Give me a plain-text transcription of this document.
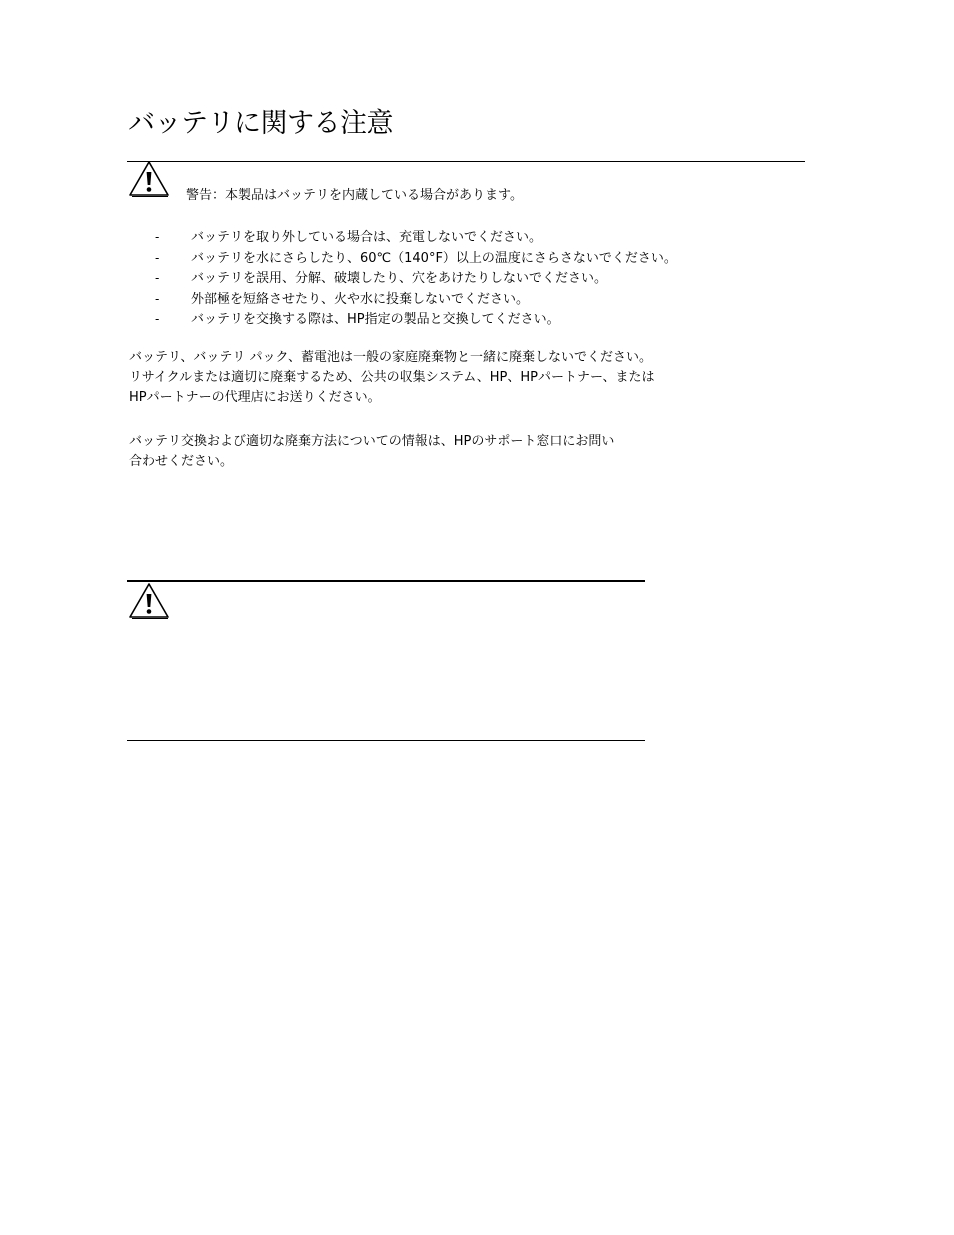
バッテリに関する注意
警告：本製品はバッテリを内蔵している場合があります。
- バッテリを取り外している場合は、充電しないでください。
- バッテリを水にさらしたり、60℃（140°F）以上の温度にさらさないでください。
- バッテリを誤用、分解、破壊したり、穴をあけたりしないでください。
- 外部極を短絡させたり、火や水に投棄しないでください。
- バッテリを交換する際は、HP指定の製品と交換してください。

バッテリ、バッテリ パック、蓄電池は一般の家庭廃棄物と一緒に廃棄しないでください。
リサイクルまたは適切に廃棄するため、公共の収集システム、HP、HPパートナー、または
HPパートナーの代理店にお送りください。

バッテリ交換および適切な廃棄方法についての情報は、HPのサポート窓口にお問い
合わせください。
